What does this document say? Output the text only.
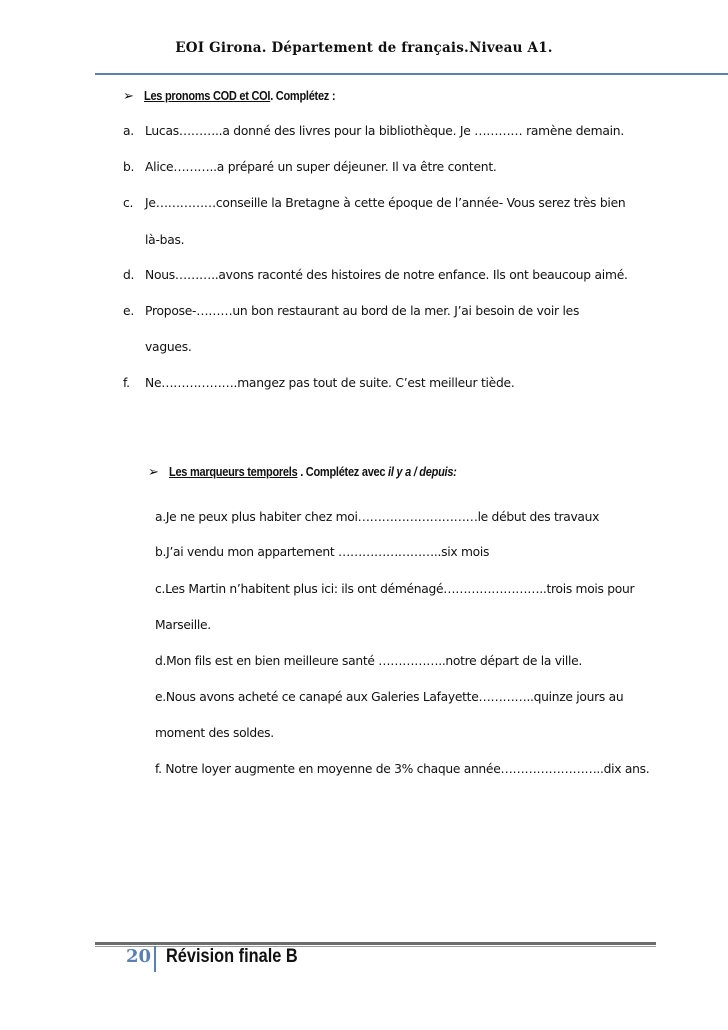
EOI Girona. Département de français.Niveau A1.
➢ Les pronoms COD et COI. Complétez :
a. Lucas………..a donné des livres pour la bibliothèque. Je ………… ramène demain.
b. Alice………..a préparé un super déjeuner. Il va être content.
c. Je……………conseille la Bretagne à cette époque de l’année- Vous serez très bien
là-bas.
d. Nous………..avons raconté des histoires de notre enfance. Ils ont beaucoup aimé.
e. Propose-………un bon restaurant au bord de la mer. J’ai besoin de voir les
vagues.
f. Ne……………….mangez pas tout de suite. C’est meilleur tiède.
➢ Les marqueurs temporels . Complétez avec il y a / depuis:
a.Je ne peux plus habiter chez moi…………………………le début des travaux
b.J’ai vendu mon appartement ……………………..six mois
c.Les Martin n’habitent plus ici: ils ont déménagé……………………..trois mois pour
Marseille.
d.Mon fils est en bien meilleure santé ……………..notre départ de la ville.
e.Nous avons acheté ce canapé aux Galeries Lafayette…………..quinze jours au
moment des soldes.
f. Notre loyer augmente en moyenne de 3% chaque année……………………..dix ans.
20 Révision finale B
